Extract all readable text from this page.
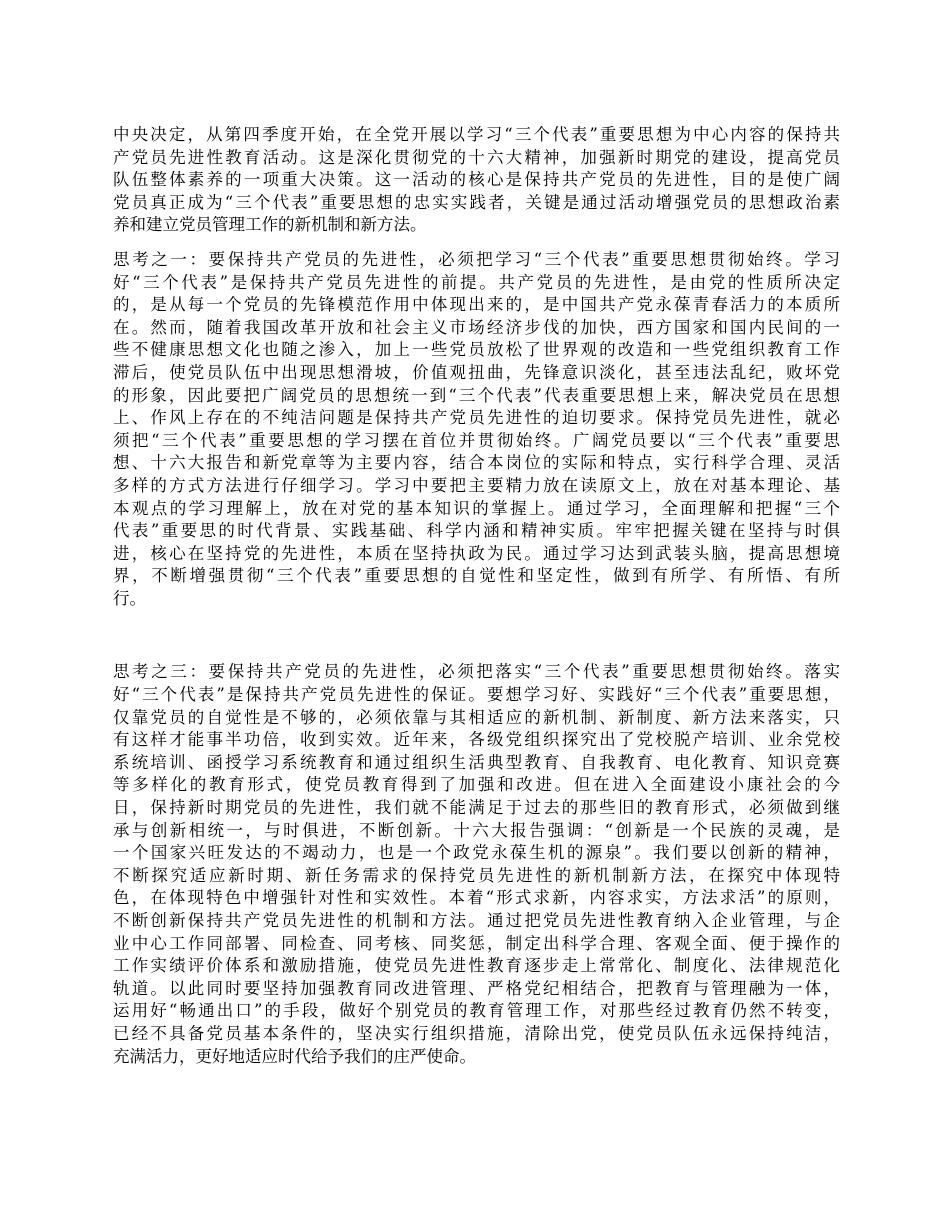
中央决定，从第四季度开始，在全党开展以学习“三个代表”重要思想为中心内容的保持共
产党员先进性教育活动。这是深化贯彻党的十六大精神，加强新时期党的建设，提高党员
队伍整体素养的一项重大决策。这一活动的核心是保持共产党员的先进性，目的是使广阔
党员真正成为“三个代表”重要思想的忠实实践者，关键是通过活动增强党员的思想政治素
养和建立党员管理工作的新机制和新方法。
思考之一：要保持共产党员的先进性，必须把学习“三个代表”重要思想贯彻始终。学习
好“三个代表”是保持共产党员先进性的前提。共产党员的先进性，是由党的性质所决定
的，是从每一个党员的先锋模范作用中体现出来的，是中国共产党永葆青春活力的本质所
在。然而，随着我国改革开放和社会主义市场经济步伐的加快，西方国家和国内民间的一
些不健康思想文化也随之渗入，加上一些党员放松了世界观的改造和一些党组织教育工作
滞后，使党员队伍中出现思想滑坡，价值观扭曲，先锋意识淡化，甚至违法乱纪，败坏党
的形象，因此要把广阔党员的思想统一到“三个代表”代表重要思想上来，解决党员在思想
上、作风上存在的不纯洁问题是保持共产党员先进性的迫切要求。保持党员先进性，就必
须把“三个代表”重要思想的学习摆在首位并贯彻始终。广阔党员要以“三个代表”重要思
想、十六大报告和新党章等为主要内容，结合本岗位的实际和特点，实行科学合理、灵活
多样的方式方法进行仔细学习。学习中要把主要精力放在读原文上，放在对基本理论、基
本观点的学习理解上，放在对党的基本知识的掌握上。通过学习，全面理解和把握“三个
代表”重要思的时代背景、实践基础、科学内涵和精神实质。牢牢把握关键在坚持与时俱
进，核心在坚持党的先进性，本质在坚持执政为民。通过学习达到武装头脑，提高思想境
界，不断增强贯彻“三个代表”重要思想的自觉性和坚定性，做到有所学、有所悟、有所
行。
思考之三：要保持共产党员的先进性，必须把落实“三个代表”重要思想贯彻始终。落实
好“三个代表”是保持共产党员先进性的保证。要想学习好、实践好“三个代表”重要思想，
仅靠党员的自觉性是不够的，必须依靠与其相适应的新机制、新制度、新方法来落实，只
有这样才能事半功倍，收到实效。近年来，各级党组织探究出了党校脱产培训、业余党校
系统培训、函授学习系统教育和通过组织生活典型教育、自我教育、电化教育、知识竞赛
等多样化的教育形式，使党员教育得到了加强和改进。但在进入全面建设小康社会的今
日，保持新时期党员的先进性，我们就不能满足于过去的那些旧的教育形式，必须做到继
承与创新相统一，与时俱进，不断创新。十六大报告强调：“创新是一个民族的灵魂，是
一个国家兴旺发达的不竭动力，也是一个政党永葆生机的源泉”。我们要以创新的精神，
不断探究适应新时期、新任务需求的保持党员先进性的新机制新方法，在探究中体现特
色，在体现特色中增强针对性和实效性。本着“形式求新，内容求实，方法求活”的原则，
不断创新保持共产党员先进性的机制和方法。通过把党员先进性教育纳入企业管理，与企
业中心工作同部署、同检查、同考核、同奖惩，制定出科学合理、客观全面、便于操作的
工作实绩评价体系和激励措施，使党员先进性教育逐步走上常常化、制度化、法律规范化
轨道。以此同时要坚持加强教育同改进管理、严格党纪相结合，把教育与管理融为一体，
运用好“畅通出口”的手段，做好个别党员的教育管理工作，对那些经过教育仍然不转变，
已经不具备党员基本条件的，坚决实行组织措施，清除出党，使党员队伍永远保持纯洁，
充满活力，更好地适应时代给予我们的庄严使命。
